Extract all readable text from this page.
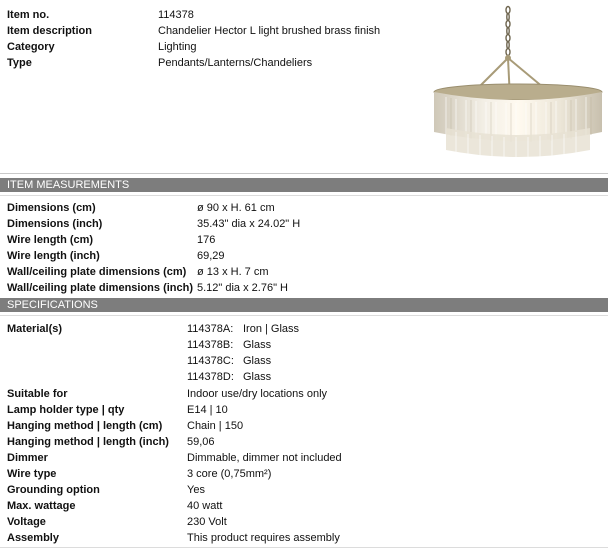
Item no.	114378
Item description	Chandelier Hector L light brushed brass finish
Category	Lighting
Type	Pendants/Lanterns/Chandeliers
ITEM MEASUREMENTS
Dimensions (cm)	ø 90 x H. 61 cm
Dimensions (inch)	35.43" dia x 24.02" H
Wire length (cm)	176
Wire length (inch)	69,29
Wall/ceiling plate dimensions (cm) ø 13 x H. 7 cm
Wall/ceiling plate dimensions (inch) 5.12" dia x 2.76" H
SPECIFICATIONS
Material(s)	114378A: Iron | Glass
114378B: Glass
114378C: Glass
114378D: Glass
Suitable for	Indoor use/dry locations only
Lamp holder type | qty	E14 | 10
Hanging method | length (cm) Chain | 150
Hanging method | length (inch) 59,06
Dimmer	Dimmable, dimmer not included
Wire type	3 core (0,75mm²)
Grounding option	Yes
Max. wattage	40 watt
Voltage	230 Volt
Assembly	This product requires assembly
